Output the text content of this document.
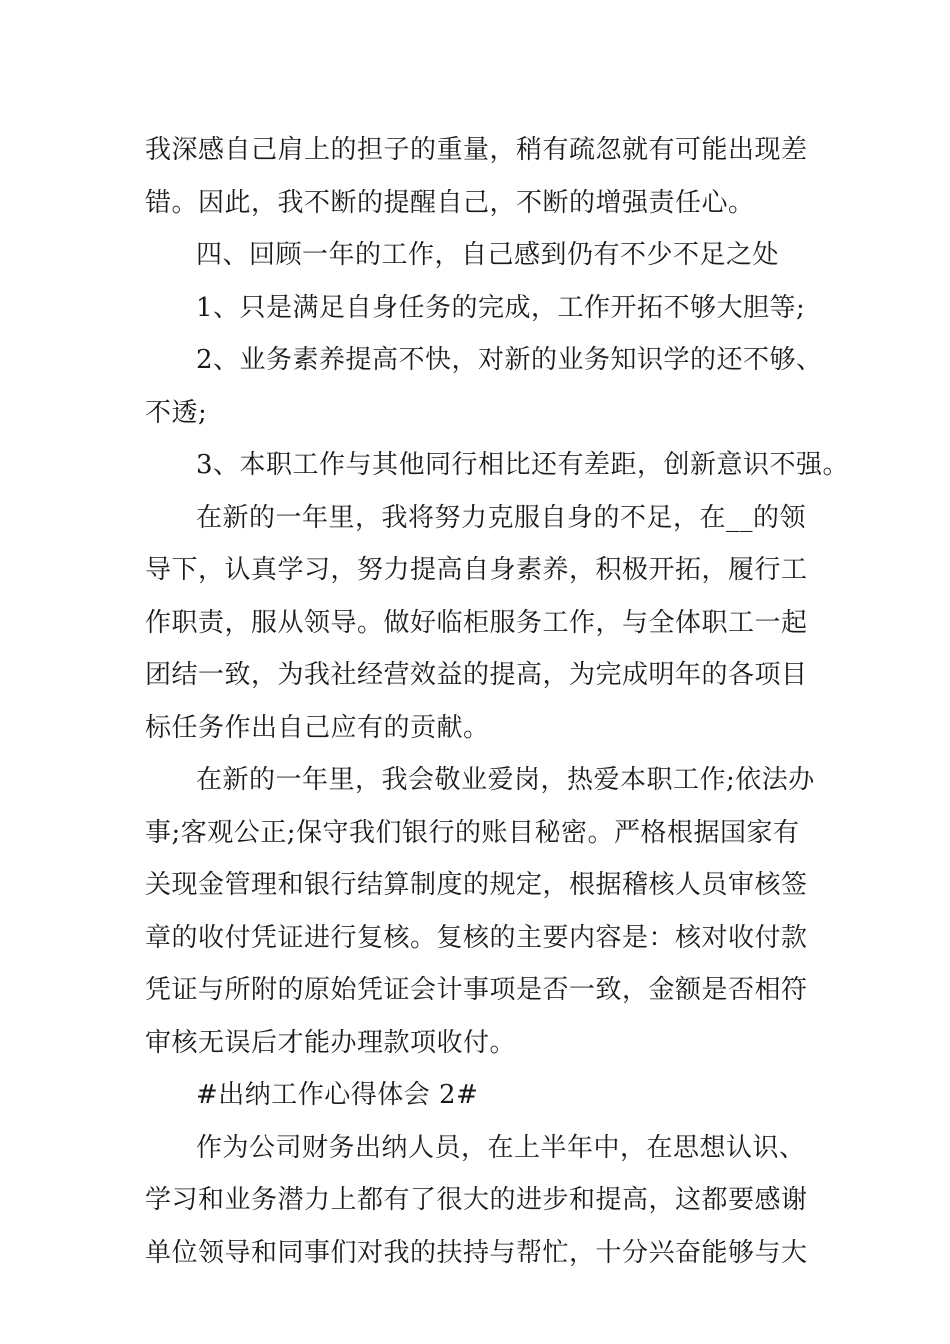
我深感自己肩上的担子的重量，稍有疏忽就有可能出现差
错。因此，我不断的提醒自己，不断的增强责任心。
四、回顾一年的工作，自己感到仍有不少不足之处
1、只是满足自身任务的完成，工作开拓不够大胆等;
2、业务素养提高不快，对新的业务知识学的还不够、
不透;
3、本职工作与其他同行相比还有差距，创新意识不强。
在新的一年里，我将努力克服自身的不足，在__的领
导下，认真学习，努力提高自身素养，积极开拓，履行工
作职责，服从领导。做好临柜服务工作，与全体职工一起
团结一致，为我社经营效益的提高，为完成明年的各项目
标任务作出自己应有的贡献。
在新的一年里，我会敬业爱岗，热爱本职工作;依法办
事;客观公正;保守我们银行的账目秘密。严格根据国家有
关现金管理和银行结算制度的规定，根据稽核人员审核签
章的收付凭证进行复核。复核的主要内容是：核对收付款
凭证与所附的原始凭证会计事项是否一致，金额是否相符
审核无误后才能办理款项收付。
#出纳工作心得体会 2#
作为公司财务出纳人员，在上半年中，在思想认识、
学习和业务潜力上都有了很大的进步和提高，这都要感谢
单位领导和同事们对我的扶持与帮忙，十分兴奋能够与大
